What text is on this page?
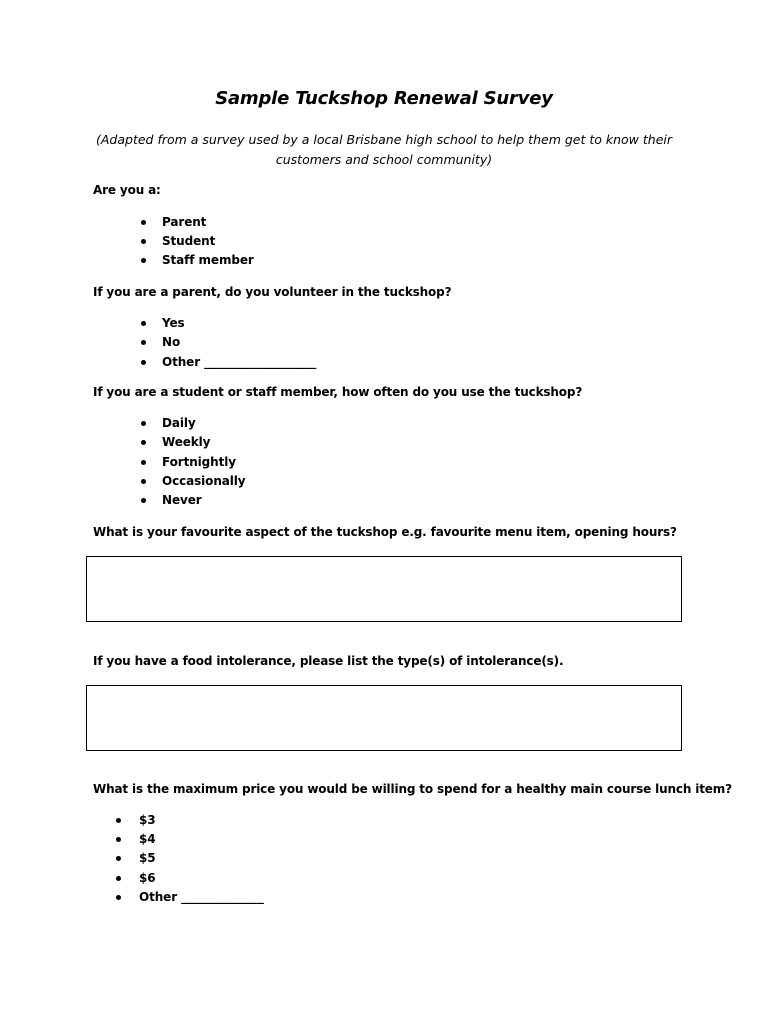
Sample Tuckshop Renewal Survey
(Adapted from a survey used by a local Brisbane high school to help them get to know their customers and school community)
Are you a:
Parent
Student
Staff member
If you are a parent, do you volunteer in the tuckshop?
Yes
No
Other ___________________
If you are a student or staff member, how often do you use the tuckshop?
Daily
Weekly
Fortnightly
Occasionally
Never
What is your favourite aspect of the tuckshop e.g. favourite menu item, opening hours?
If you have a food intolerance, please list the type(s) of intolerance(s).
What is the maximum price you would be willing to spend for a healthy main course lunch item?
$3
$4
$5
$6
Other ______________
